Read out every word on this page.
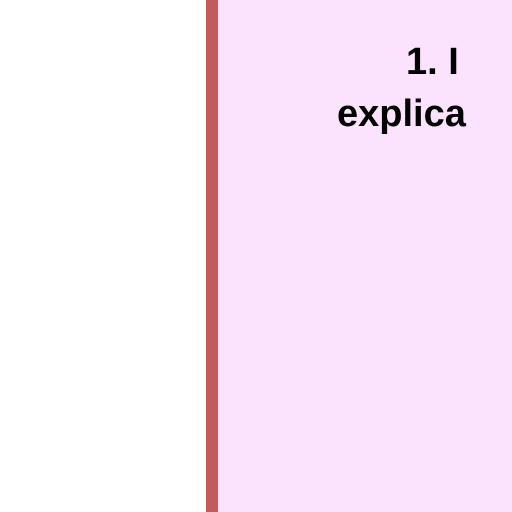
1. I
explica
